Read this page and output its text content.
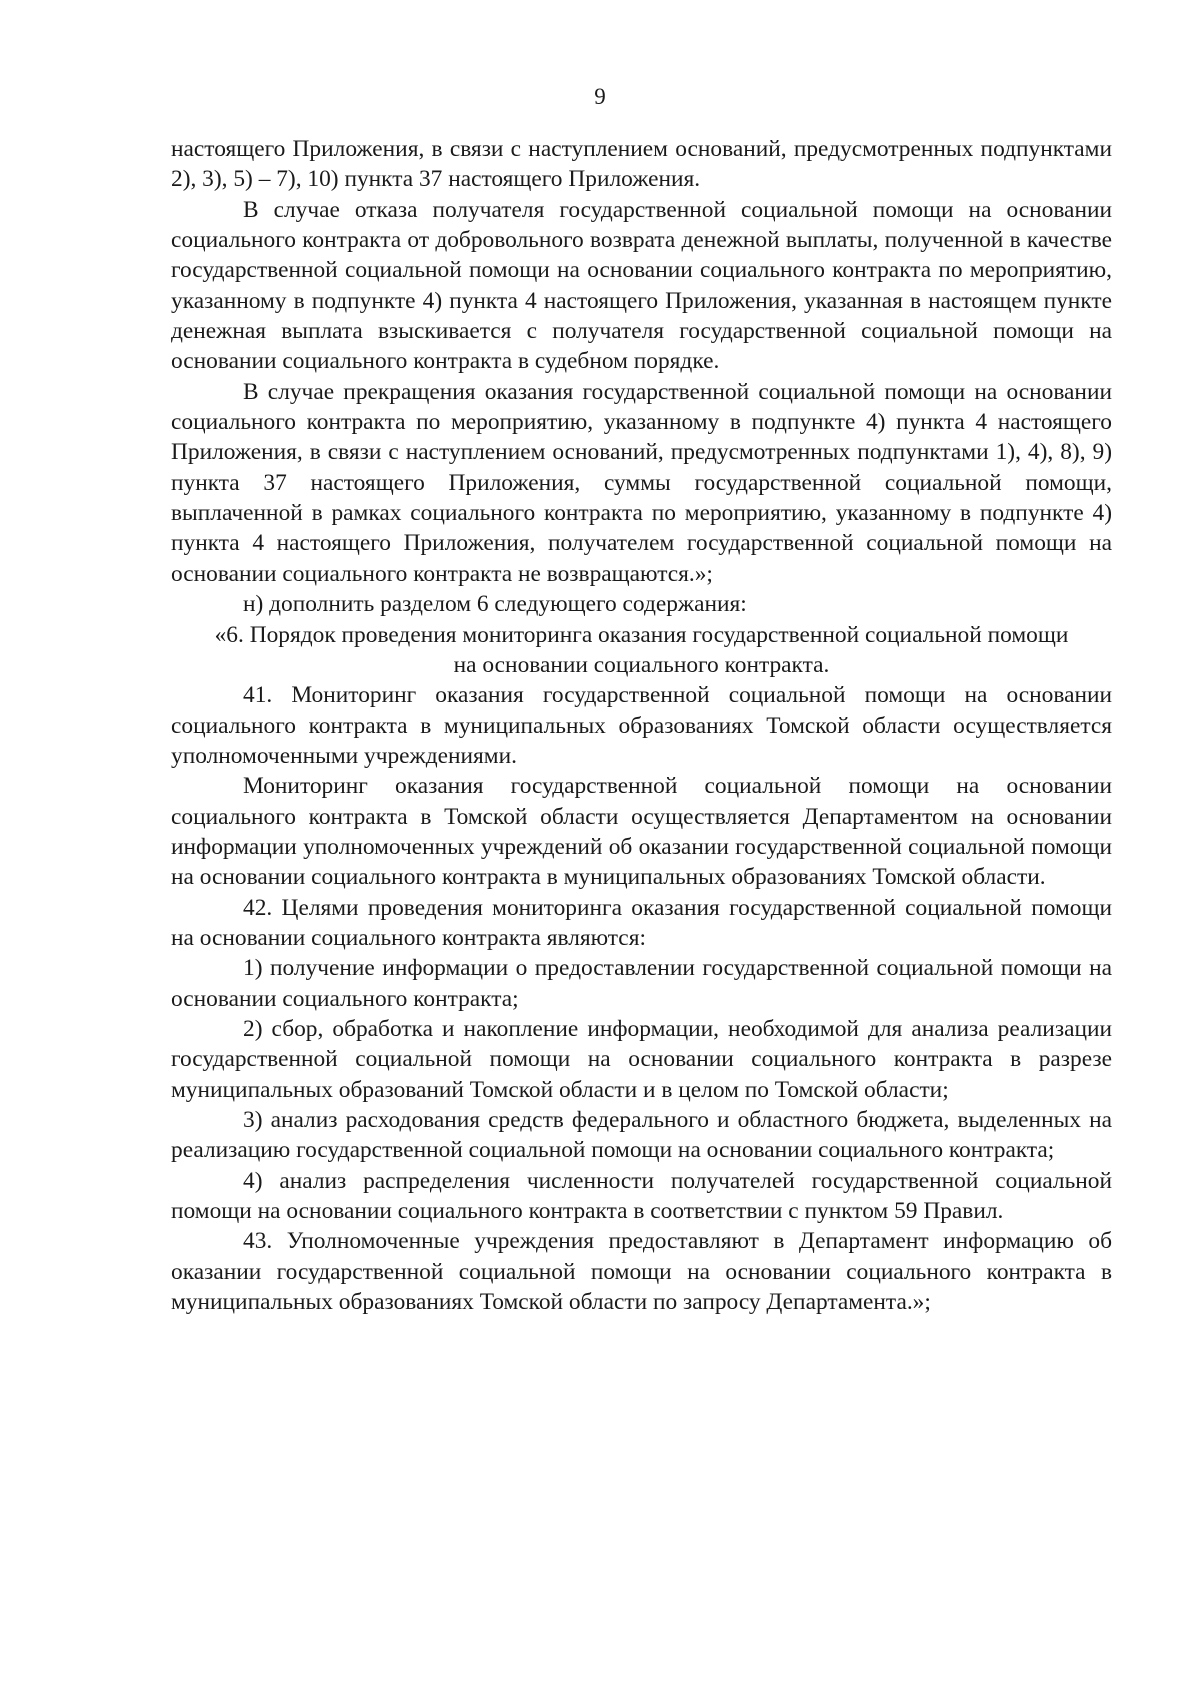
9

настоящего Приложения, в связи с наступлением оснований, предусмотренных подпунктами 2), 3), 5) – 7), 10) пункта 37 настоящего Приложения.

В случае отказа получателя государственной социальной помощи на основании социального контракта от добровольного возврата денежной выплаты, полученной в качестве государственной социальной помощи на основании социального контракта по мероприятию, указанному в подпункте 4) пункта 4 настоящего Приложения, указанная в настоящем пункте денежная выплата взыскивается с получателя государственной социальной помощи на основании социального контракта в судебном порядке.

В случае прекращения оказания государственной социальной помощи на основании социального контракта по мероприятию, указанному в подпункте 4) пункта 4 настоящего Приложения, в связи с наступлением оснований, предусмотренных подпунктами 1), 4), 8), 9) пункта 37 настоящего Приложения, суммы государственной социальной помощи, выплаченной в рамках социального контракта по мероприятию, указанному в подпункте 4) пункта 4 настоящего Приложения, получателем государственной социальной помощи на основании социального контракта не возвращаются.»;

н) дополнить разделом 6 следующего содержания:

«6. Порядок проведения мониторинга оказания государственной социальной помощи на основании социального контракта.

41. Мониторинг оказания государственной социальной помощи на основании социального контракта в муниципальных образованиях Томской области осуществляется уполномоченными учреждениями.

Мониторинг оказания государственной социальной помощи на основании социального контракта в Томской области осуществляется Департаментом на основании информации уполномоченных учреждений об оказании государственной социальной помощи на основании социального контракта в муниципальных образованиях Томской области.

42. Целями проведения мониторинга оказания государственной социальной помощи на основании социального контракта являются:

1) получение информации о предоставлении государственной социальной помощи на основании социального контракта;

2) сбор, обработка и накопление информации, необходимой для анализа реализации государственной социальной помощи на основании социального контракта в разрезе муниципальных образований Томской области и в целом по Томской области;

3) анализ расходования средств федерального и областного бюджета, выделенных на реализацию государственной социальной помощи на основании социального контракта;

4) анализ распределения численности получателей государственной социальной помощи на основании социального контракта в соответствии с пунктом 59 Правил.

43. Уполномоченные учреждения предоставляют в Департамент информацию об оказании государственной социальной помощи на основании социального контракта в муниципальных образованиях Томской области по запросу Департамента.»;
